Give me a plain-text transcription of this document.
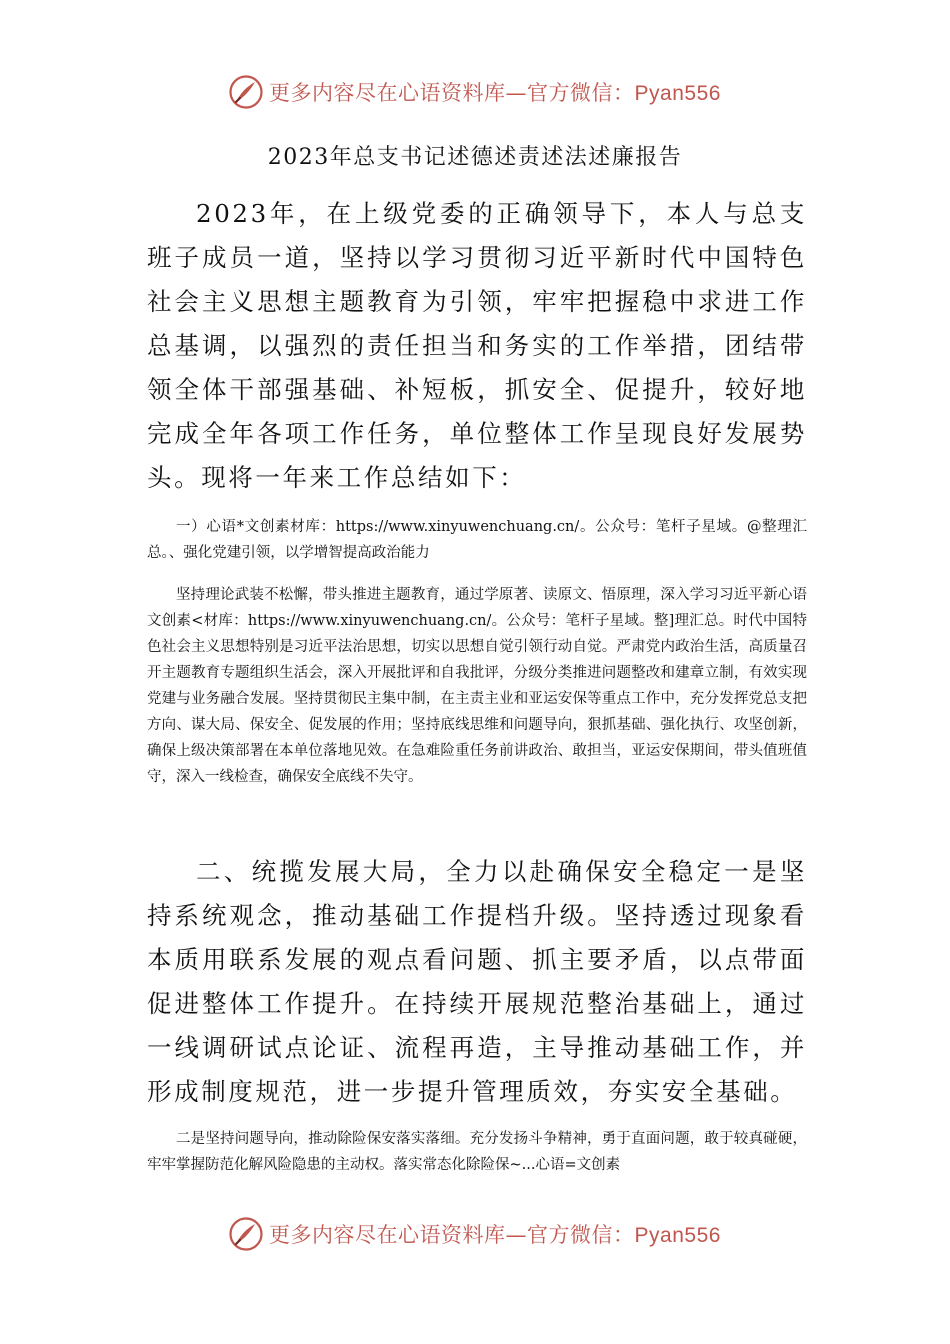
更多内容尽在心语资料库—官方微信：Pyan556
2023年总支书记述德述责述法述廉报告

2023年，在上级党委的正确领导下，本人与总支班子成员一道，坚持以学习贯彻习近平新时代中国特色社会主义思想主题教育为引领，牢牢把握稳中求进工作总基调，以强烈的责任担当和务实的工作举措，团结带领全体干部强基础、补短板，抓安全、促提升，较好地完成全年各项工作任务，单位整体工作呈现良好发展势头。现将一年来工作总结如下：

一）心语*文创素材库：https://www.xinyuwenchuang.cn/。公众号：笔杆子星域。@整理汇总。、强化党建引领，以学增智提高政治能力

坚持理论武装不松懈，带头推进主题教育，通过学原著、读原文、悟原理，深入学习习近平新心语文创素<材库：https://www.xinyuwenchuang.cn/。公众号：笔杆子星域。整]理汇总。时代中国特色社会主义思想特别是习近平法治思想，切实以思想自觉引领行动自觉。严肃党内政治生活，高质量召开主题教育专题组织生活会，深入开展批评和自我批评，分级分类推进问题整改和建章立制，有效实现党建与业务融合发展。坚持贯彻民主集中制，在主责主业和亚运安保等重点工作中，充分发挥党总支把方向、谋大局、保安全、促发展的作用；坚持底线思维和问题导向，狠抓基础、强化执行、攻坚创新，确保上级决策部署在本单位落地见效。在急难险重任务前讲政治、敢担当，亚运安保期间，带头值班值守，深入一线检查，确保安全底线不失守。

二、统揽发展大局，全力以赴确保安全稳定一是坚持系统观念，推动基础工作提档升级。坚持透过现象看本质用联系发展的观点看问题、抓主要矛盾，以点带面促进整体工作提升。在持续开展规范整治基础上，通过一线调研试点论证、流程再造，主导推动基础工作，并形成制度规范，进一步提升管理质效，夯实安全基础。

二是坚持问题导向，推动除险保安落实落细。充分发扬斗争精神，勇于直面问题，敢于较真碰硬，牢牢掌握防范化解风险隐患的主动权。落实常态化除险保~...心语=文创素

更多内容尽在心语资料库—官方微信：Pyan556
